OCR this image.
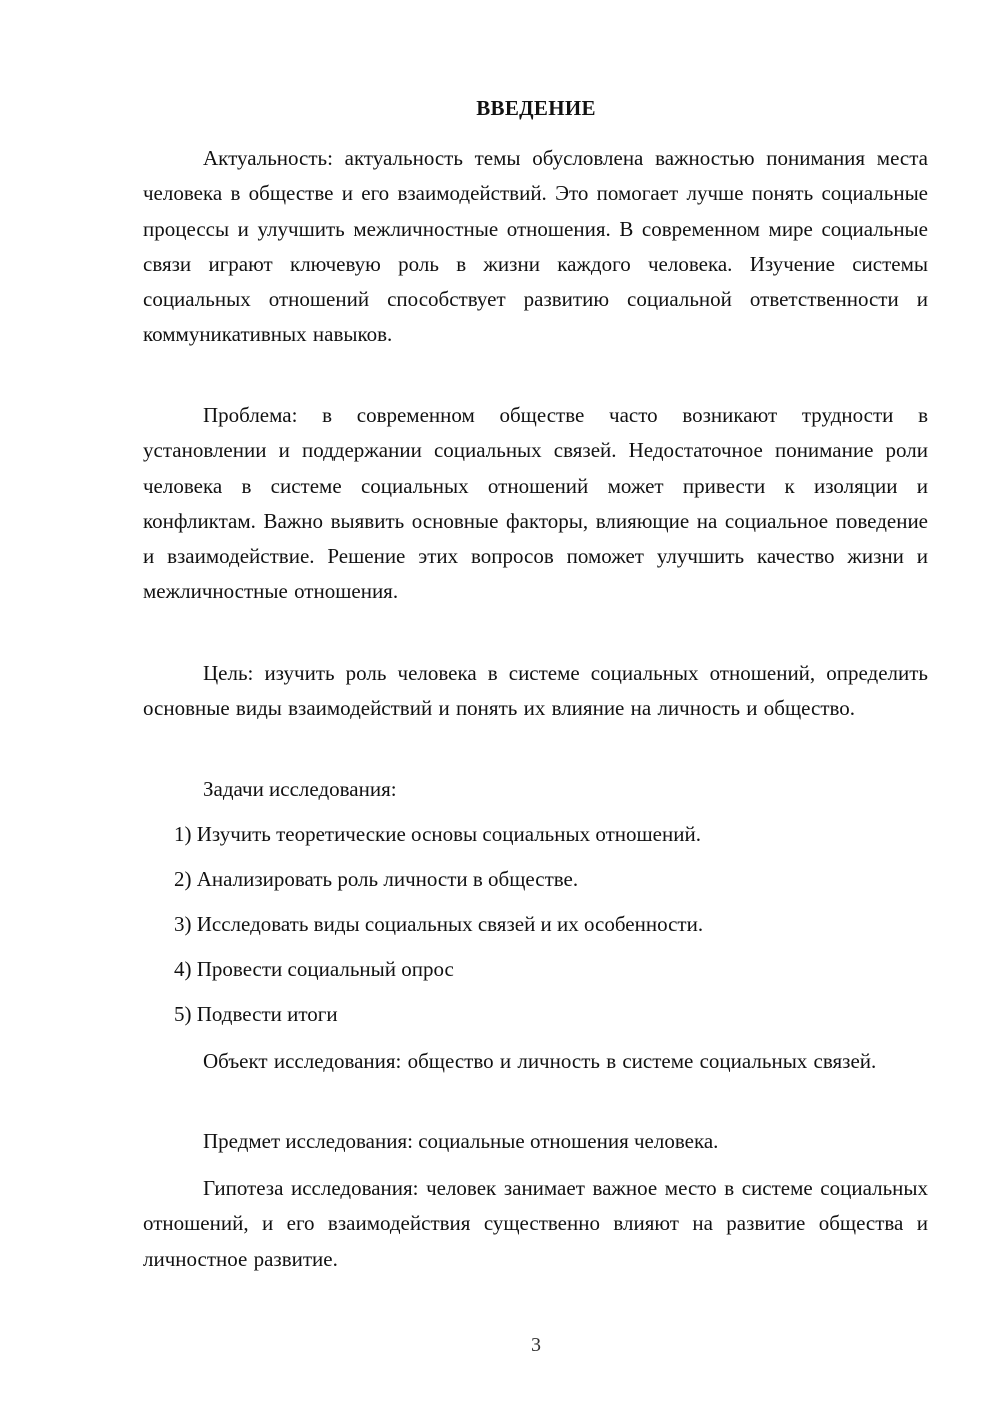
ВВЕДЕНИЕ
Актуальность: актуальность темы обусловлена важностью понимания места человека в обществе и его взаимодействий. Это помогает лучше понять социальные процессы и улучшить межличностные отношения. В современном мире социальные связи играют ключевую роль в жизни каждого человека. Изучение системы социальных отношений способствует развитию социальной ответственности и коммуникативных навыков.
Проблема: в современном обществе часто возникают трудности в установлении и поддержании социальных связей. Недостаточное понимание роли человека в системе социальных отношений может привести к изоляции и конфликтам. Важно выявить основные факторы, влияющие на социальное поведение и взаимодействие. Решение этих вопросов поможет улучшить качество жизни и межличностные отношения.
Цель: изучить роль человека в системе социальных отношений, определить основные виды взаимодействий и понять их влияние на личность и общество.
Задачи исследования:
1) Изучить теоретические основы социальных отношений.
2) Анализировать роль личности в обществе.
3) Исследовать виды социальных связей и их особенности.
4) Провести социальный опрос
5) Подвести итоги
Объект исследования: общество и личность в системе социальных связей.
Предмет исследования: социальные отношения человека.
Гипотеза исследования: человек занимает важное место в системе социальных отношений, и его взаимодействия существенно влияют на развитие общества и личностное развитие.
3
